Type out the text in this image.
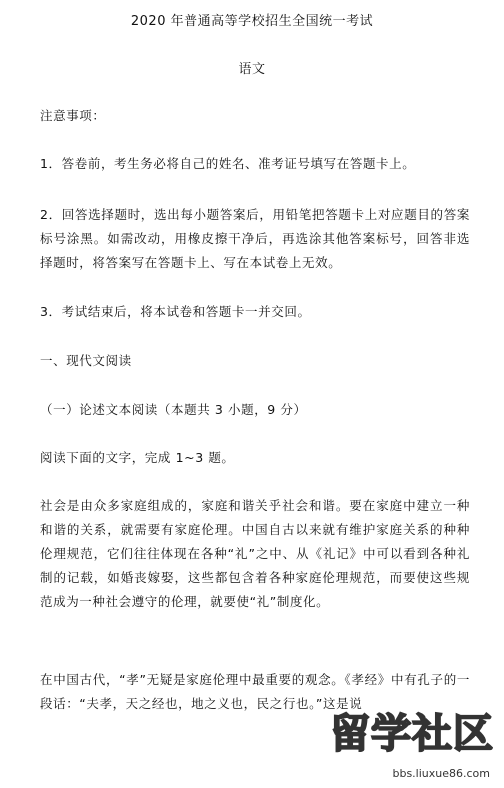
2020 年普通高等学校招生全国统一考试
语文
注意事项：
1．答卷前，考生务必将自己的姓名、准考证号填写在答题卡上。
2．回答选择题时，选出每小题答案后，用铅笔把答题卡上对应题目的答案标号涂黑。如需改动，用橡皮擦干净后，再选涂其他答案标号，回答非选择题时，将答案写在答题卡上、写在本试卷上无效。
3．考试结束后，将本试卷和答题卡一并交回。
一、现代文阅读
（一）论述文本阅读（本题共 3 小题，9 分）
阅读下面的文字，完成 1~3 题。
社会是由众多家庭组成的，家庭和谐关乎社会和谐。要在家庭中建立一种和谐的关系，就需要有家庭伦理。中国自古以来就有维护家庭关系的种种伦理规范，它们往往体现在各种“礼”之中、从《礼记》中可以看到各种礼制的记载，如婚丧嫁娶，这些都包含着各种家庭伦理规范，而要使这些规范成为一种社会遵守的伦理，就要使“礼”制度化。
在中国古代，“孝”无疑是家庭伦理中最重要的观念。《孝经》中有孔子的一段话：“夫孝，天之经也，地之义也，民之行也。”这是说
留学社区
bbs.liuxue86.com
